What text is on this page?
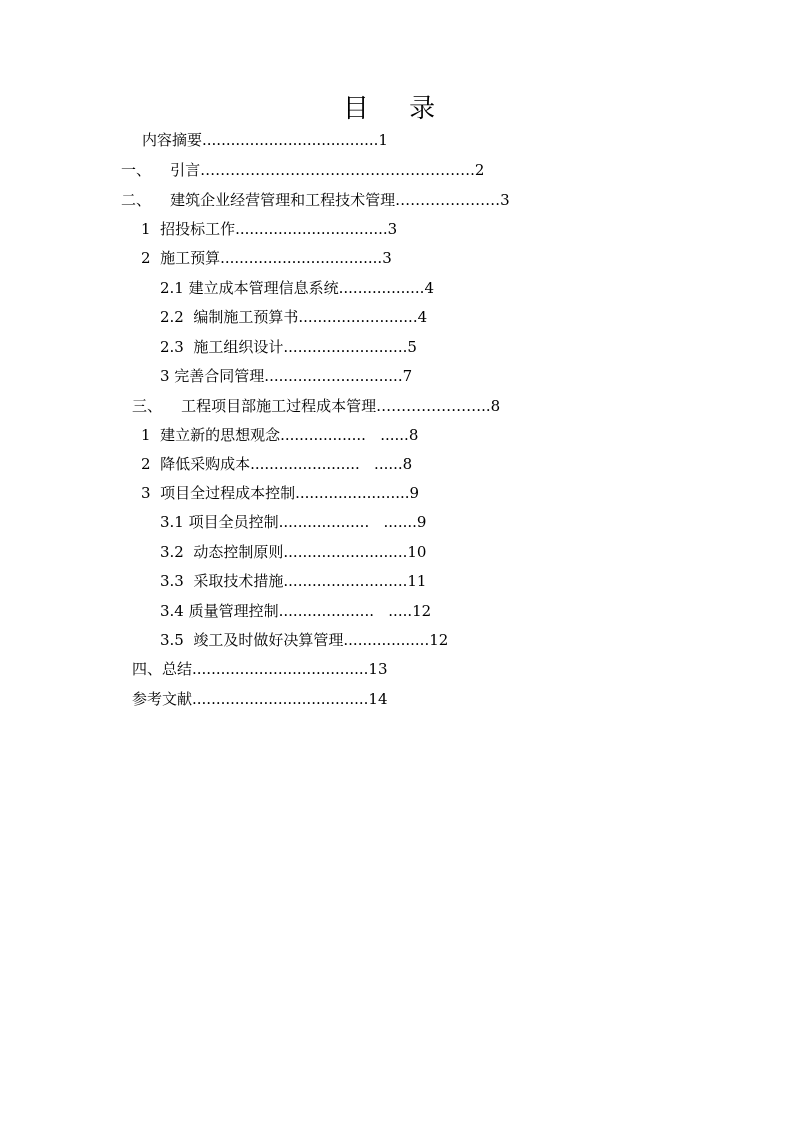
目 录
内容摘要.....................................1
一、    引言……………………………………………….2
二、    建筑企业经营管理和工程技术管理…………………3
1  招投标工作................................3
2  施工预算..................................3
2.1 建立成本管理信息系统..................4
2.2  编制施工预算书.........................4
2.3  施工组织设计..........................5
3 完善合同管理.............................7
三、    工程项目部施工过程成本管理…………………..8
1  建立新的思想观念..................   ......8
2  降低采购成本.......................   ......8
3  项目全过程成本控制........................9
3.1 项目全员控制...................   .......9
3.2  动态控制原则..........................10
3.3  采取技术措施..........................11
3.4 质量管理控制....................   .....12
3.5  竣工及时做好决算管理..................12
四、总结.....................................13
参考文献.....................................14
